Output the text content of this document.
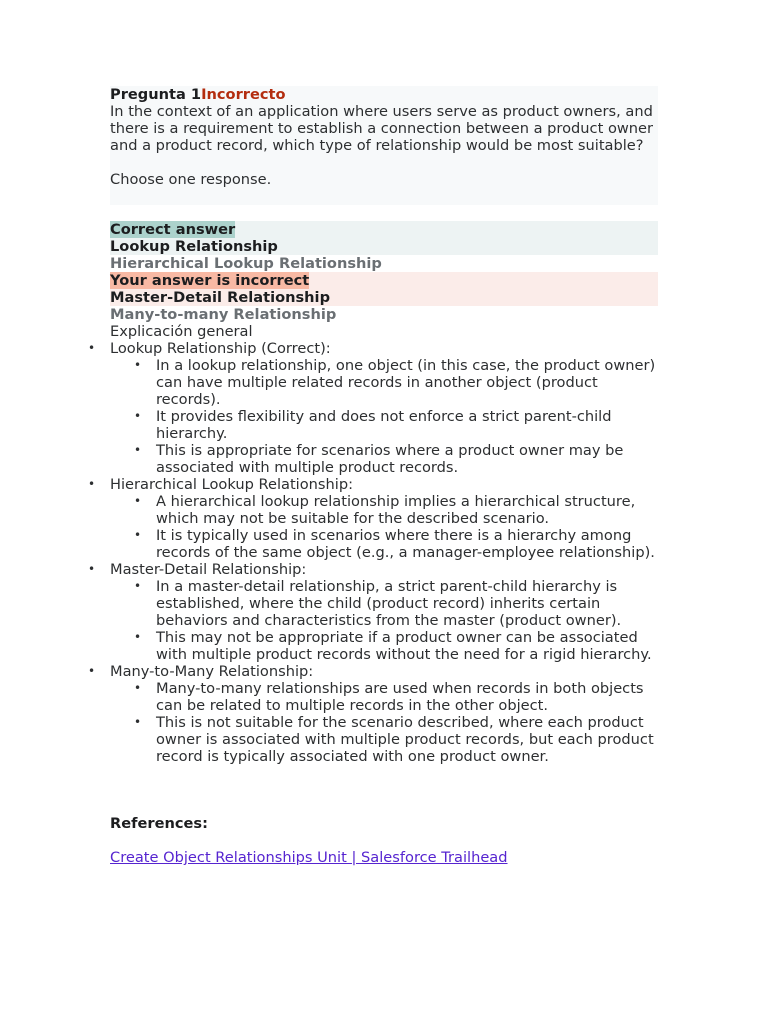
Pregunta 1Incorrecto
In the context of an application where users serve as product owners, and there is a requirement to establish a connection between a product owner and a product record, which type of relationship would be most suitable?
Choose one response.
Correct answer
Lookup Relationship
Hierarchical Lookup Relationship
Your answer is incorrect
Master-Detail Relationship
Many-to-many Relationship
Explicación general
• Lookup Relationship (Correct):
• In a lookup relationship, one object (in this case, the product owner) can have multiple related records in another object (product records).
• It provides flexibility and does not enforce a strict parent-child hierarchy.
• This is appropriate for scenarios where a product owner may be associated with multiple product records.
• Hierarchical Lookup Relationship:
• A hierarchical lookup relationship implies a hierarchical structure, which may not be suitable for the described scenario.
• It is typically used in scenarios where there is a hierarchy among records of the same object (e.g., a manager-employee relationship).
• Master-Detail Relationship:
• In a master-detail relationship, a strict parent-child hierarchy is established, where the child (product record) inherits certain behaviors and characteristics from the master (product owner).
• This may not be appropriate if a product owner can be associated with multiple product records without the need for a rigid hierarchy.
• Many-to-Many Relationship:
• Many-to-many relationships are used when records in both objects can be related to multiple records in the other object.
• This is not suitable for the scenario described, where each product owner is associated with multiple product records, but each product record is typically associated with one product owner.
References:
Create Object Relationships Unit | Salesforce Trailhead
